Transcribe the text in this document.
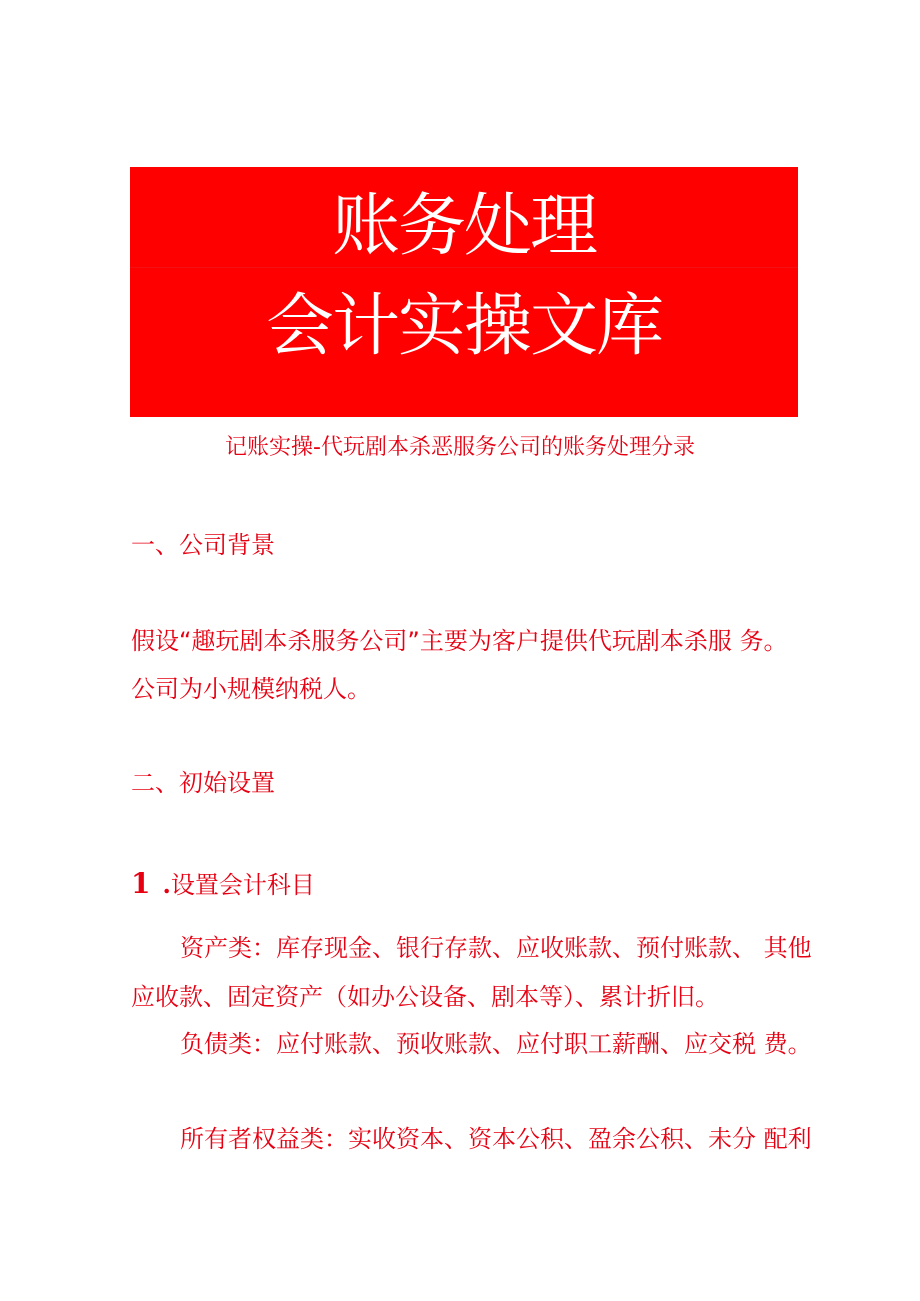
账务处理
会计实操文库
记账实操-代玩剧本杀恶服务公司的账务处理分录
一、公司背景
假设“趣玩剧本杀服务公司”主要为客户提供代玩剧本杀服 务。
公司为小规模纳税人。
二、初始设置
1 .设置会计科目
资产类：库存现金、银行存款、应收账款、预付账款、 其他
应收款、固定资产（如办公设备、剧本等）、累计折旧。
负债类：应付账款、预收账款、应付职工薪酬、应交税 费。
所有者权益类：实收资本、资本公积、盈余公积、未分 配利
